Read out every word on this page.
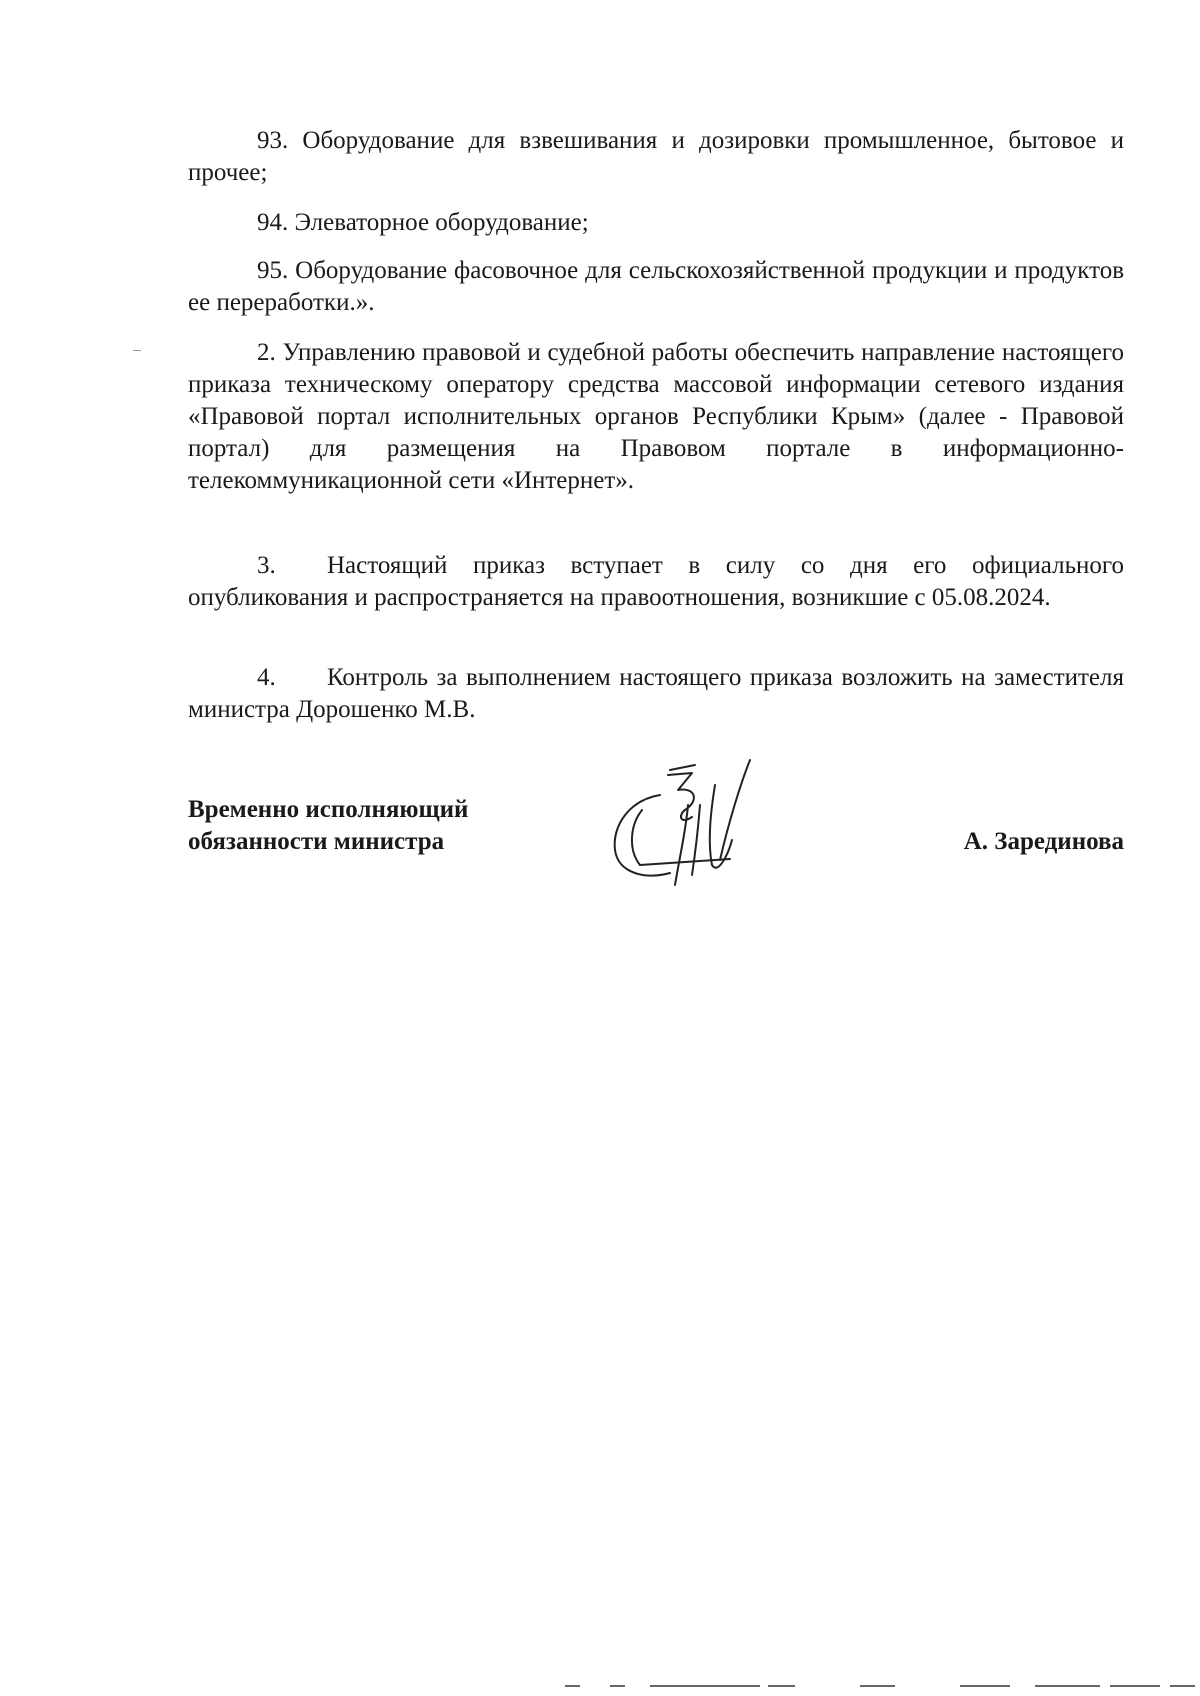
93. Оборудование для взвешивания и дозировки промышленное, бытовое и прочее;

94. Элеваторное оборудование;

95. Оборудование фасовочное для сельскохозяйственной продукции и продуктов ее переработки.».

2. Управлению правовой и судебной работы обеспечить направление настоящего приказа техническому оператору средства массовой информации сетевого издания «Правовой портал исполнительных органов Республики Крым» (далее - Правовой портал) для размещения на Правовом портале в информационно-телекоммуникационной сети «Интернет».

3. Настоящий приказ вступает в силу со дня его официального опубликования и распространяется на правоотношения, возникшие с 05.08.2024.

4. Контроль за выполнением настоящего приказа возложить на заместителя министра Дорошенко М.В.

Временно исполняющий
обязанности министра	А. Зарединова
